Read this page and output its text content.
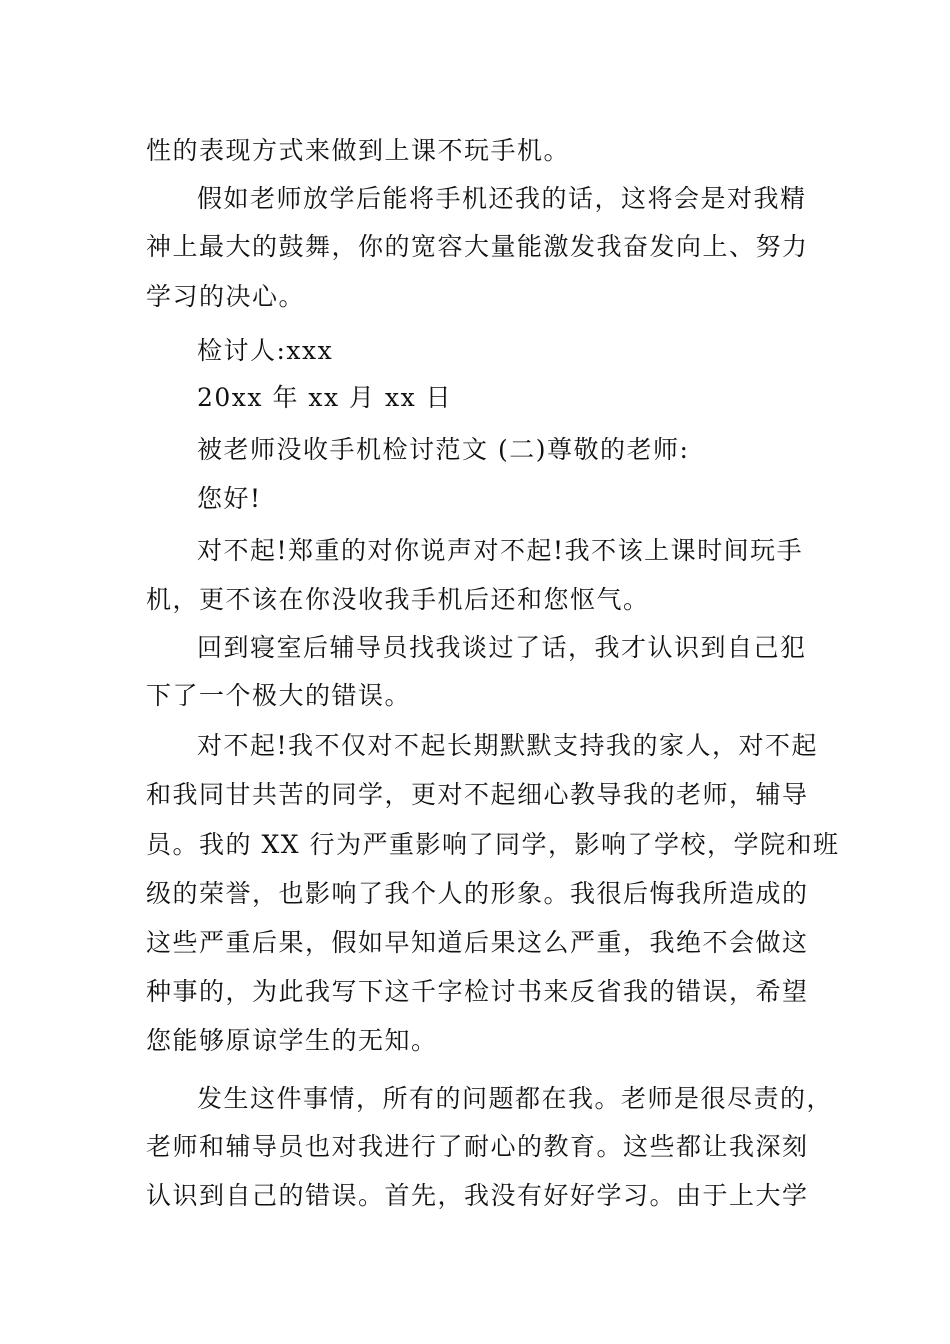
性的表现方式来做到上课不玩手机。
假如老师放学后能将手机还我的话，这将会是对我精
神上最大的鼓舞，你的宽容大量能激发我奋发向上、努力
学习的决心。
检讨人:xxx
20xx 年 xx 月 xx 日
被老师没收手机检讨范文 (二)尊敬的老师:
您好!
对不起!郑重的对你说声对不起!我不该上课时间玩手
机，更不该在你没收我手机后还和您怄气。
回到寝室后辅导员找我谈过了话，我才认识到自己犯
下了一个极大的错误。
对不起!我不仅对不起长期默默支持我的家人，对不起
和我同甘共苦的同学，更对不起细心教导我的老师，辅导
员。我的 XX 行为严重影响了同学，影响了学校，学院和班
级的荣誉，也影响了我个人的形象。我很后悔我所造成的
这些严重后果，假如早知道后果这么严重，我绝不会做这
种事的，为此我写下这千字检讨书来反省我的错误，希望
您能够原谅学生的无知。
发生这件事情，所有的问题都在我。老师是很尽责的，
老师和辅导员也对我进行了耐心的教育。这些都让我深刻
认识到自己的错误。首先，我没有好好学习。由于上大学
